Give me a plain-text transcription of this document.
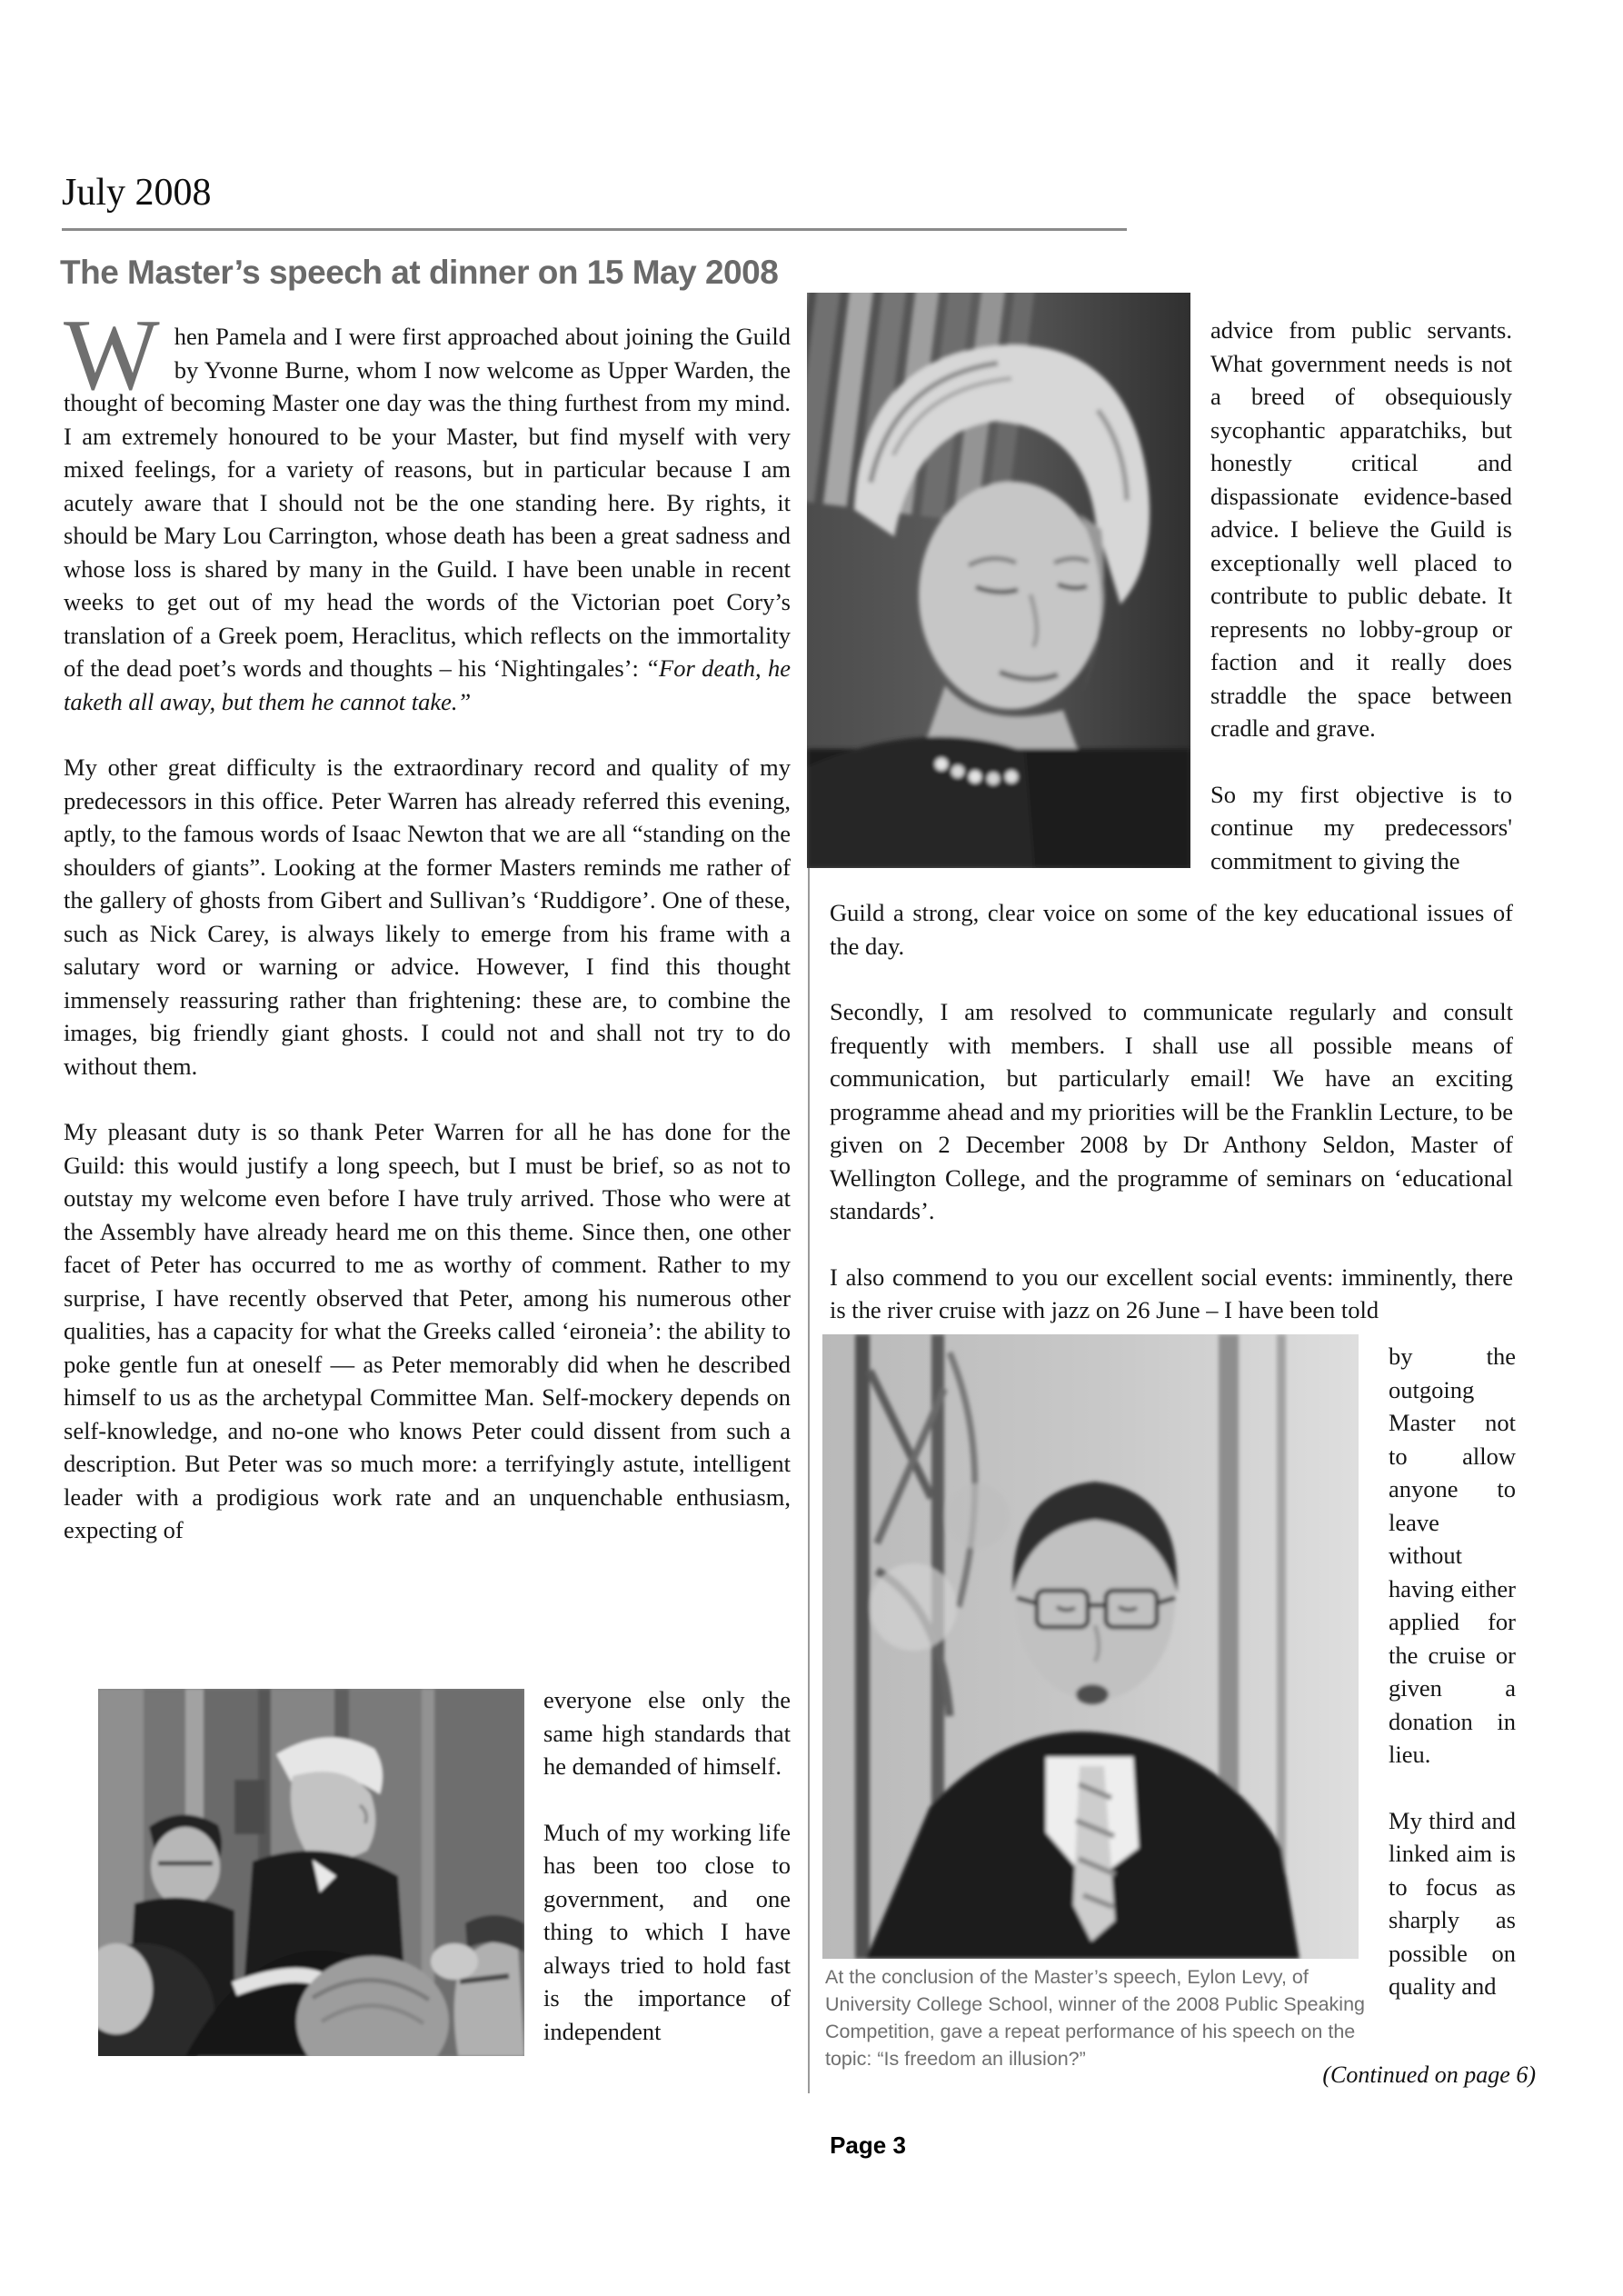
July 2008
The Master’s speech at dinner on 15 May 2008

W hen Pamela and I were first approached about joining the Guild by Yvonne Burne, whom I now welcome as Upper Warden, the thought of becoming Master one day was the thing furthest from my mind. I am extremely honoured to be your Master, but find myself with very mixed feelings, for a variety of reasons, but in particular because I am acutely aware that I should not be the one standing here. By rights, it should be Mary Lou Carrington, whose death has been a great sadness and whose loss is shared by many in the Guild. I have been unable in recent weeks to get out of my head the words of the Victorian poet Cory’s translation of a Greek poem, Heraclitus, which reflects on the immortality of the dead poet’s words and thoughts – his ‘Nightingales’: “For death, he taketh all away, but them he cannot take.”

My other great difficulty is the extraordinary record and quality of my predecessors in this office. Peter Warren has already referred this evening, aptly, to the famous words of Isaac Newton that we are all “standing on the shoulders of giants”. Looking at the former Masters reminds me rather of the gallery of ghosts from Gibert and Sullivan’s ‘Ruddigore’. One of these, such as Nick Carey, is always likely to emerge from his frame with a salutary word or warning or advice. However, I find this thought immensely reassuring rather than frightening: these are, to combine the images, big friendly giant ghosts. I could not and shall not try to do without them.

My pleasant duty is so thank Peter Warren for all he has done for the Guild: this would justify a long speech, but I must be brief, so as not to outstay my welcome even before I have truly arrived. Those who were at the Assembly have already heard me on this theme. Since then, one other facet of Peter has occurred to me as worthy of comment. Rather to my surprise, I have recently observed that Peter, among his numerous other qualities, has a capacity for what the Greeks called ‘eironeia’: the ability to poke gentle fun at oneself — as Peter memorably did when he described himself to us as the archetypal Committee Man. Self-mockery depends on self-knowledge, and no-one who knows Peter could dissent from such a description. But Peter was so much more: a terrifyingly astute, intelligent leader with a prodigious work rate and an unquenchable enthusiasm, expecting of

everyone else only the same high standards that he demanded of himself.

Much of my working life has been too close to government, and one thing to which I have always tried to hold fast is the importance of independent

advice from public servants. What government needs is not a breed of obsequiously sycophantic apparatchiks, but honestly critical and dispassionate evidence-based advice. I believe the Guild is exceptionally well placed to contribute to public debate. It represents no lobby-group or faction and it really does straddle the space between cradle and grave.

So my first objective is to continue my predecessors' commitment to giving the

Guild a strong, clear voice on some of the key educational issues of the day.

Secondly, I am resolved to communicate regularly and consult frequently with members. I shall use all possible means of communication, but particularly email! We have an exciting programme ahead and my priorities will be the Franklin Lecture, to be given on 2 December 2008 by Dr Anthony Seldon, Master of Wellington College, and the programme of seminars on ‘educational standards’.

I also commend to you our excellent social events: imminently, there is the river cruise with jazz on 26 June – I have been told

by the outgoing Master not to allow anyone to leave without having either applied for the cruise or given a donation in lieu.

My third and linked aim is to focus as sharply as possible on quality and

At the conclusion of the Master’s speech, Eylon Levy, of University College School, winner of the 2008 Public Speaking Competition, gave a repeat performance of his speech on the topic: “Is freedom an illusion?”
(Continued on page 6)
Page 3
